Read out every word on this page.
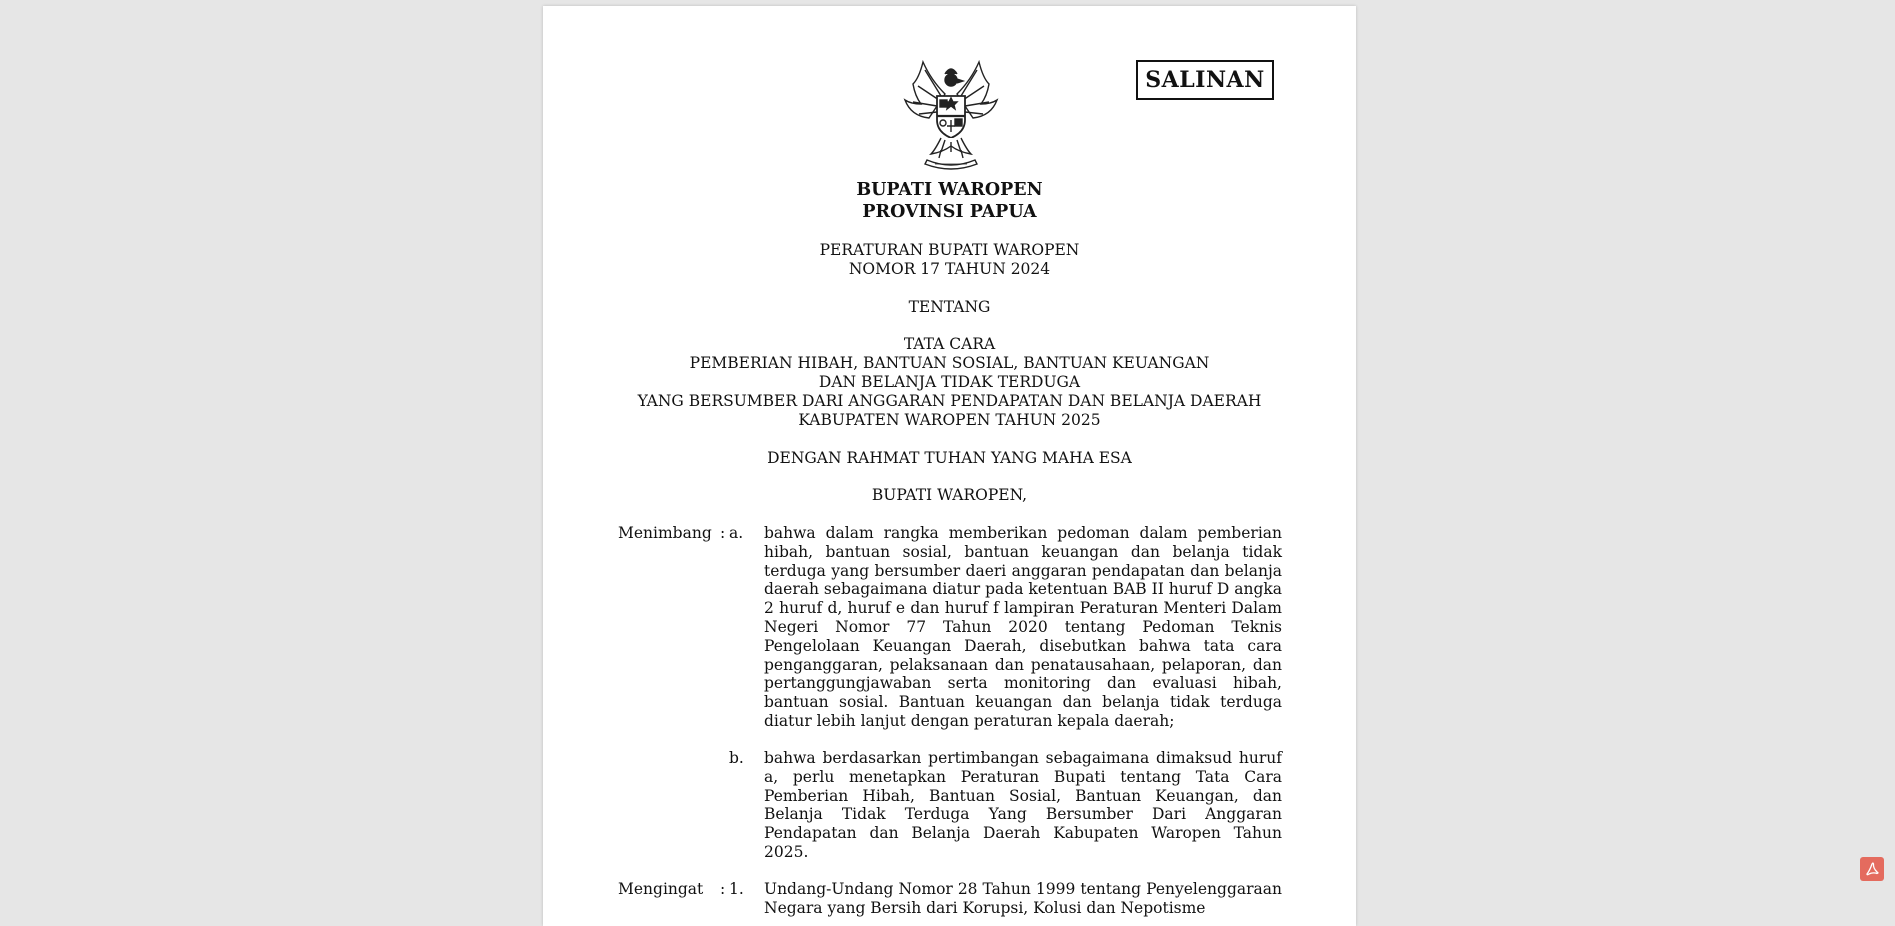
SALINAN
BUPATI WAROPEN
PROVINSI PAPUA
PERATURAN BUPATI WAROPEN
NOMOR 17 TAHUN 2024
TENTANG
TATA CARA
PEMBERIAN HIBAH, BANTUAN SOSIAL, BANTUAN KEUANGAN
DAN BELANJA TIDAK TERDUGA
YANG BERSUMBER DARI ANGGARAN PENDAPATAN DAN BELANJA DAERAH
KABUPATEN WAROPEN TAHUN 2025
DENGAN RAHMAT TUHAN YANG MAHA ESA
BUPATI WAROPEN,
Menimbang : a. bahwa dalam rangka memberikan pedoman dalam pemberian hibah, bantuan sosial, bantuan keuangan dan belanja tidak terduga yang bersumber daeri anggaran pendapatan dan belanja daerah sebagaimana diatur pada ketentuan BAB II huruf D angka 2 huruf d, huruf e dan huruf f lampiran Peraturan Menteri Dalam Negeri Nomor 77 Tahun 2020 tentang Pedoman Teknis Pengelolaan Keuangan Daerah, disebutkan bahwa tata cara penganggaran, pelaksanaan dan penatausahaan, pelaporan, dan pertanggungjawaban serta monitoring dan evaluasi hibah, bantuan sosial. Bantuan keuangan dan belanja tidak terduga diatur lebih lanjut dengan peraturan kepala daerah;
b. bahwa berdasarkan pertimbangan sebagaimana dimaksud huruf a, perlu menetapkan Peraturan Bupati tentang Tata Cara Pemberian Hibah, Bantuan Sosial, Bantuan Keuangan, dan Belanja Tidak Terduga Yang Bersumber Dari Anggaran Pendapatan dan Belanja Daerah Kabupaten Waropen Tahun 2025.
Mengingat : 1. Undang-Undang Nomor 28 Tahun 1999 tentang Penyelenggaraan Negara yang Bersih dari Korupsi, Kolusi dan Nepotisme
